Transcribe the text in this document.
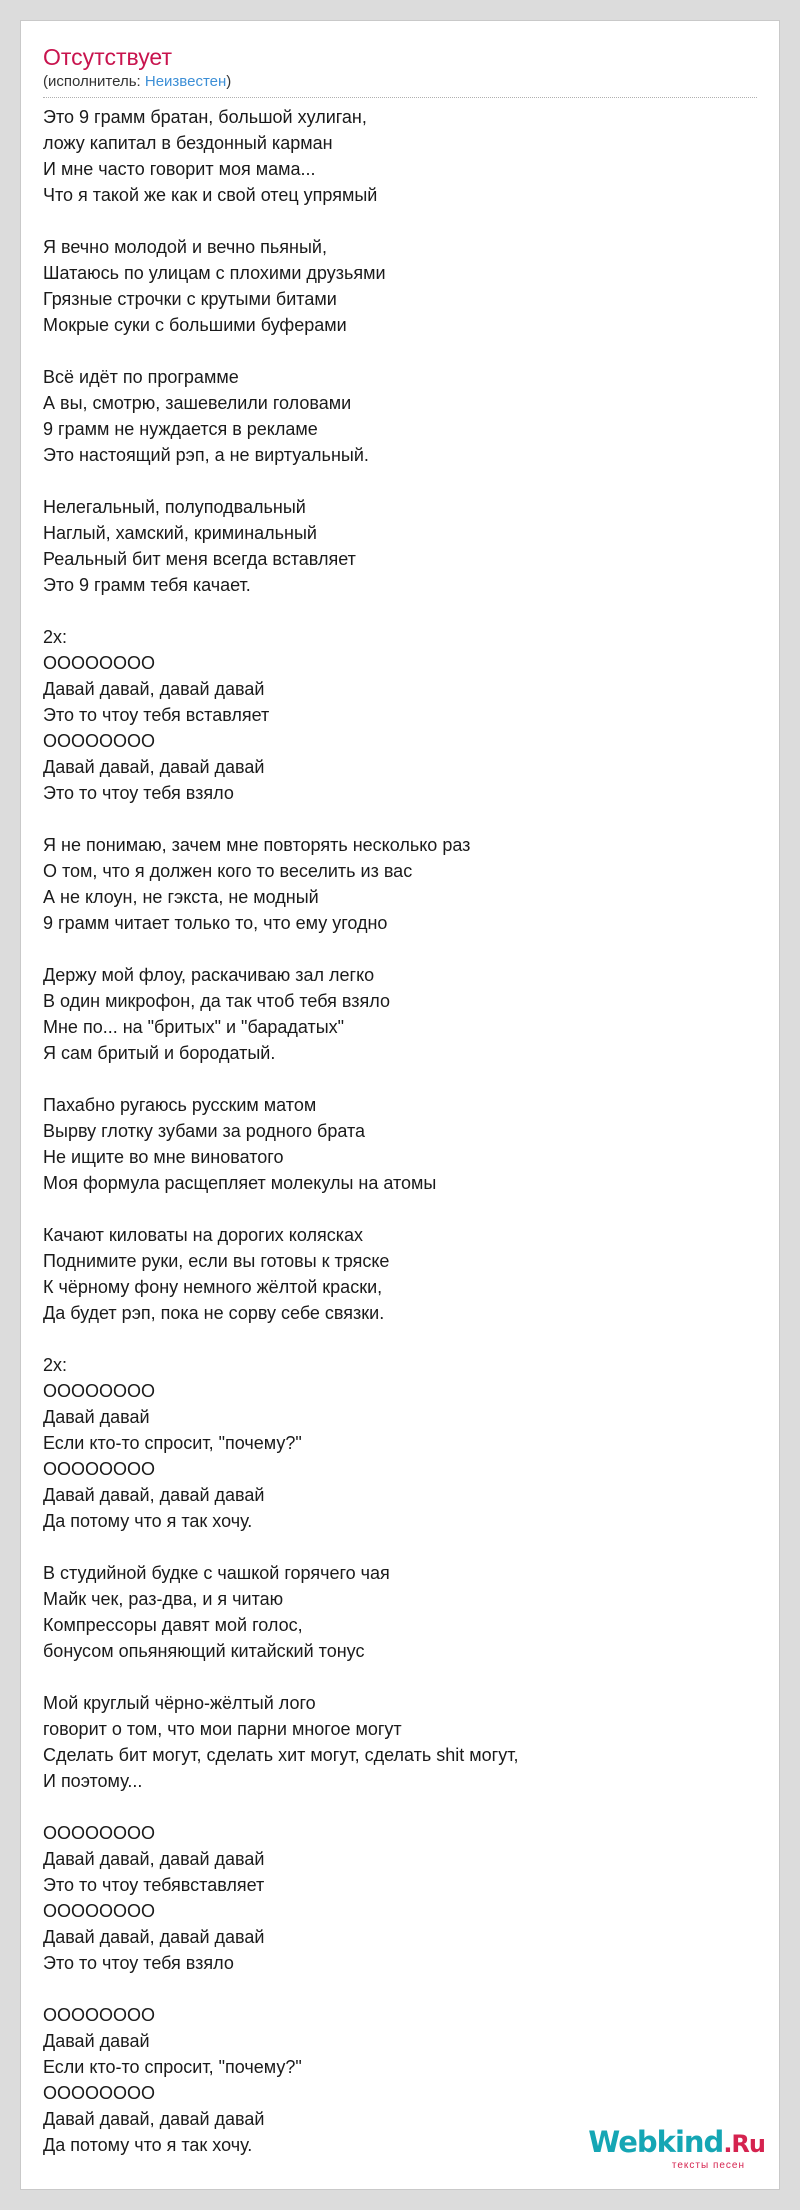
Отсутствует
(исполнитель: Неизвестен)
Это 9 грамм братан, большой хулиган,
ложу капитал в бездонный карман
И мне часто говорит моя мама...
Что я такой же как и свой отец упрямый
Я вечно молодой и вечно пьяный,
Шатаюсь по улицам с плохими друзьями
Грязные строчки с крутыми битами
Мокрые суки с большими буферами
Всё идёт по программе
А вы, смотрю, зашевелили головами
9 грамм не нуждается в рекламе
Это настоящий рэп, а не виртуальный.
Нелегальный, полуподвальный
Наглый, хамский, криминальный
Реальный бит меня всегда вставляет
Это 9 грамм тебя качает.
2х:
ООООOООО
Давай давай, давай давай
Это то чтоу тебя вставляет
ООООOООО
Давай давай, давай давай
Это то чтоу тебя взяло
Я не понимаю, зачем мне повторять несколько раз
О том, что я должен кого то веселить из вас
А не клоун, не гэкста, не модный
9 грамм читает только то, что ему угодно
Держу мой флоу, раскачиваю зал легко
В один микрофон, да так чтоб тебя взяло
Мне по... на "бритых" и "барадатых"
Я сам бритый и бородатый.
Пахабно ругаюсь русским матом
Вырву глотку зубами за родного брата
Не ищите во мне виноватого
Моя формула расщепляет молекулы на атомы
Качают киловаты на дорогих колясках
Поднимите руки, если вы готовы к тряске
К чёрному фону немного жёлтой краски,
Да будет рэп, пока не сорву себе связки.
2х:
ООООOООО
Давай давай
Если кто-то спросит, "почему?"
ООООOООО
Давай давай, давай давай
Да потому что я так хочу.
В студийной будке с чашкой горячего чая
Майк чек, раз-два, и я читаю
Компрессоры давят мой голос,
бонусом опьяняющий китайский тонус
Мой круглый чёрно-жёлтый лого
говорит о том, что мои парни многое могут
Сделать бит могут, сделать хит могут, сделать shit могут,
И поэтому...
ООООOООО
Давай давай, давай давай
Это то чтоу тебявставляет
ООООOООО
Давай давай, давай давай
Это то чтоу тебя взяло
ООООOООО
Давай давай
Если кто-то спросит, "почему?"
ООООOООО
Давай давай, давай давай
Да потому что я так хочу.	Webkind.Ru
тексты песен
